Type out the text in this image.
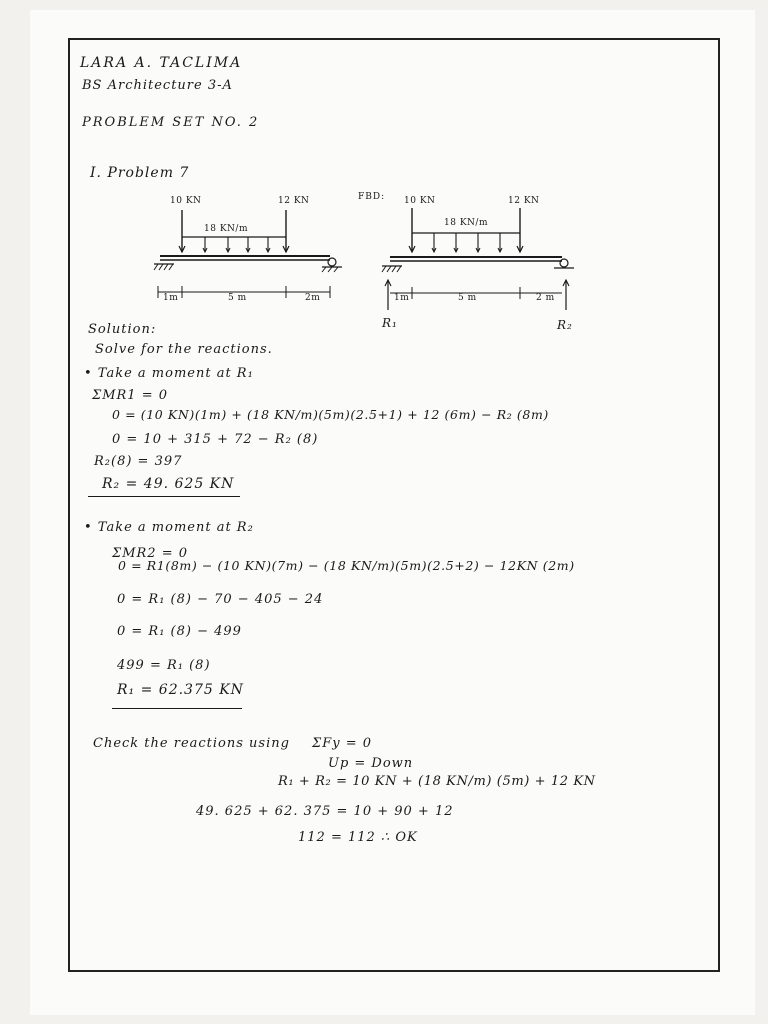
LARA A. TACLIMA
BS Architecture 3-A
PROBLEM SET NO. 2
I. Problem 7
10 KN	12 KN
18 KN/m
1m	5 m	2m
FBD: 10 KN	12 KN
18 KN/m
1m	5 m	2 m
R₁	R₂
Solution:
Solve for the reactions.
• Take a moment at R₁
ΣMR1 = 0
0 = (10 KN)(1m) + (18 KN/m)(5m)(2.5+1) + 12 (6m) − R₂ (8m)
0 = 10 + 315 + 72 − R₂ (8)
R₂(8) = 397
R₂ = 49. 625 KN
• Take a moment at R₂
ΣMR2 = 0
0 = R1(8m) − (10 KN)(7m) − (18 KN/m)(5m)(2.5+2) − 12KN (2m)
0 = R₁ (8) − 70 − 405 − 24
0 = R₁ (8) − 499
499 = R₁ (8)
R₁ = 62.375 KN
Check the reactions using ΣFy = 0
Up = Down
R₁ + R₂ = 10 KN + (18 KN/m) (5m) + 12 KN
49. 625 + 62. 375 = 10 + 90 + 12
112 = 112 ∴ OK
